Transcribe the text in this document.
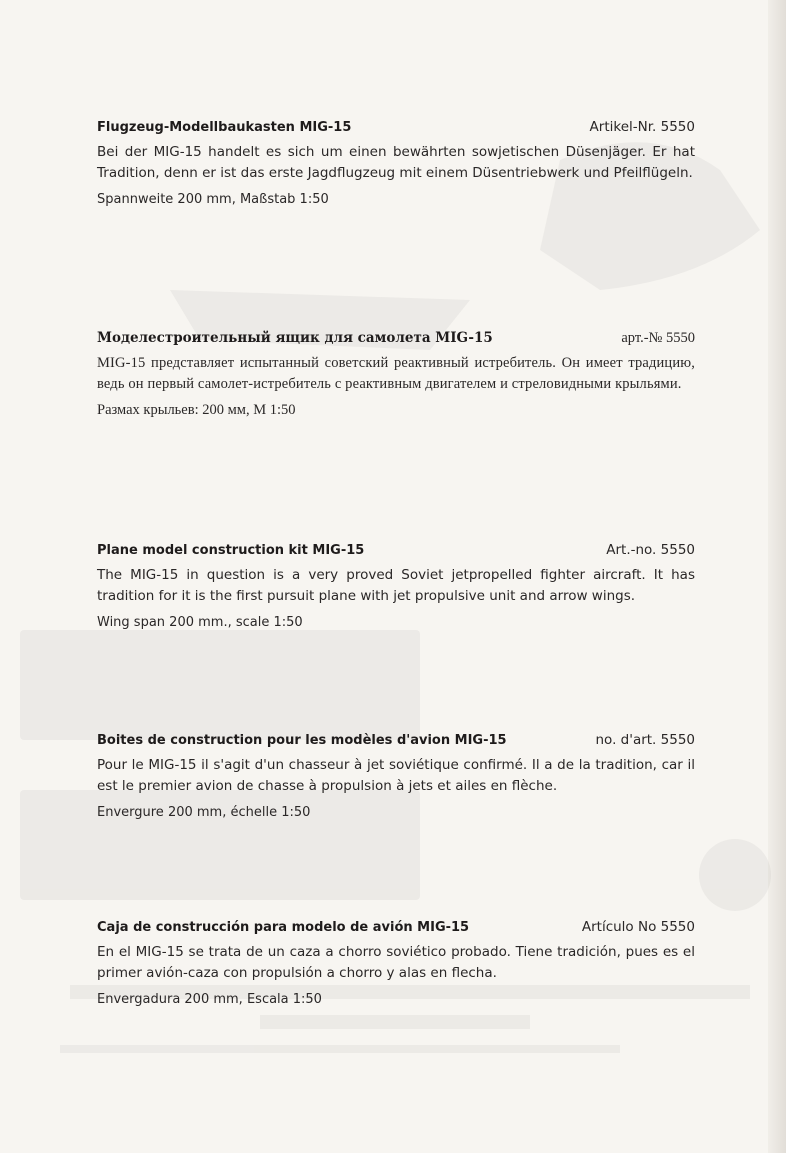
Flugzeug-Modellbaukasten MIG-15	Artikel-Nr. 5550
Bei der MIG-15 handelt es sich um einen bewährten sowjetischen Düsenjäger. Er hat Tradition, denn er ist das erste Jagdflugzeug mit einem Düsentriebwerk und Pfeilflügeln.
Spannweite 200 mm, Maßstab 1:50
Моделестроительный ящик для самолета MIG-15	арт.-№ 5550
MIG-15 представляет испытанный советский реактивный истребитель. Он имеет традицию, ведь он первый самолет-истребитель с реактивным двигателем и стреловидными крыльями.
Размах крыльев: 200 мм, М 1:50
Plane model construction kit MIG-15	Art.-no. 5550
The MIG-15 in question is a very proved Soviet jetpropelled fighter aircraft. It has tradition for it is the first pursuit plane with jet propulsive unit and arrow wings.
Wing span 200 mm., scale 1:50
Boites de construction pour les modèles d'avion MIG-15	no. d'art. 5550
Pour le MIG-15 il s'agit d'un chasseur à jet soviétique confirmé. Il a de la tradition, car il est le premier avion de chasse à propulsion à jets et ailes en flèche.
Envergure 200 mm, échelle 1:50
Caja de construcción para modelo de avión MIG-15	Artículo No 5550
En el MIG-15 se trata de un caza a chorro soviético probado. Tiene tradición, pues es el primer avión-caza con propulsión a chorro y alas en flecha.
Envergadura 200 mm, Escala 1:50
